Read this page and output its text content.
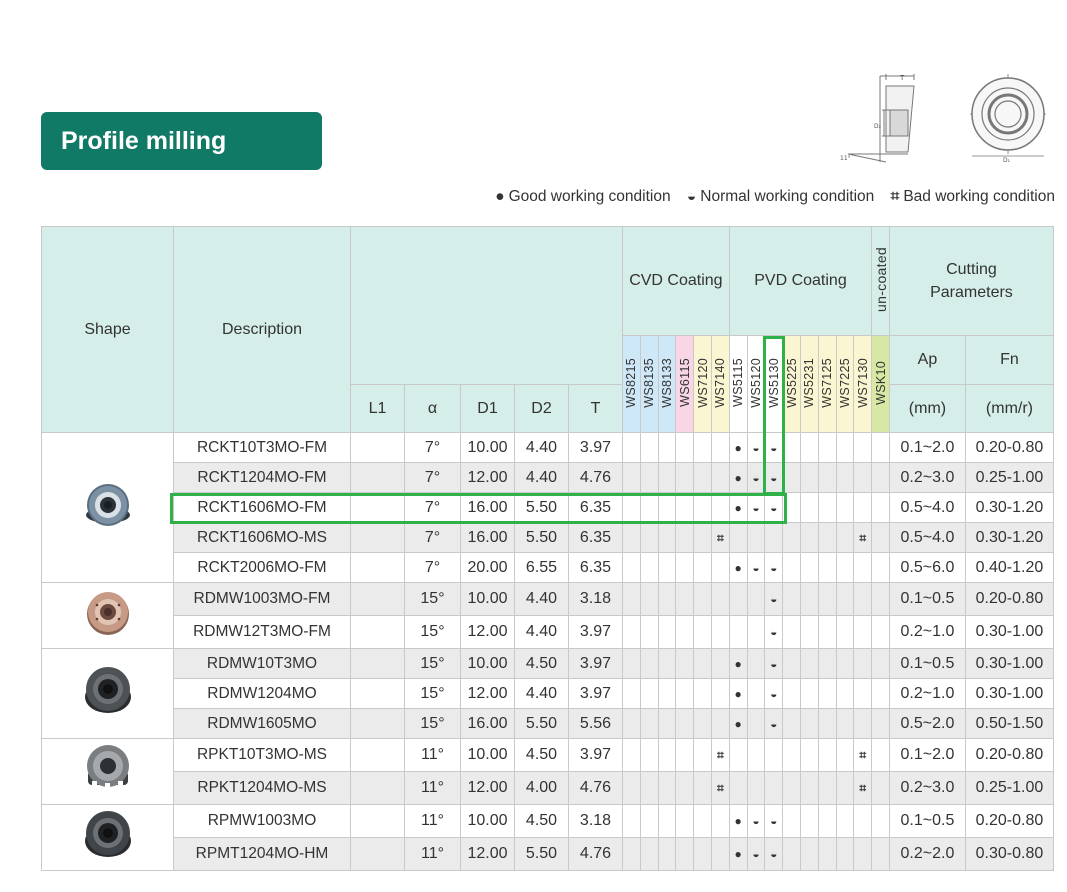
Profile milling
T
D₂
11°	D₁
● Good working condition
◒ Normal working condition
⌗ Bad working condition
Shape	Description						CVD Coating						PVD Coating								un-coated	Cutting Parameters	

							WS8215	WS8135	WS8133	WS6115	WS7120	WS7140	WS5115	WS5120	WS5130	WS5225	WS5231	WS7125	WS7225	WS7130	WSK10	Ap	Fn
		L1	α	D1	D2	T																(mm)	(mm/r)
	RCKT10T3MO-FM		7°	10.00	4.40	3.97							●	◒	◒							0.1~2.0	0.20-0.80
	RCKT1204MO-FM		7°	12.00	4.40	4.76							●	◒	◒							0.2~3.0	0.25-1.00
	RCKT1606MO-FM		7°	16.00	5.50	6.35							●	◒	◒							0.5~4.0	0.30-1.20
	RCKT1606MO-MS		7°	16.00	5.50	6.35						⌗								⌗		0.5~4.0	0.30-1.20
	RCKT2006MO-FM		7°	20.00	6.55	6.35							●	◒	◒							0.5~6.0	0.40-1.20
	RDMW1003MO-FM		15°	10.00	4.40	3.18									◒							0.1~0.5	0.20-0.80
	RDMW12T3MO-FM		15°	12.00	4.40	3.97									◒							0.2~1.0	0.30-1.00
	RDMW10T3MO		15°	10.00	4.50	3.97							●		◒							0.1~0.5	0.30-1.00
	RDMW1204MO		15°	12.00	4.40	3.97							●		◒							0.2~1.0	0.30-1.00
	RDMW1605MO		15°	16.00	5.50	5.56							●		◒							0.5~2.0	0.50-1.50
	RPKT10T3MO-MS		11°	10.00	4.50	3.97						⌗								⌗		0.1~2.0	0.20-0.80
	RPKT1204MO-MS		11°	12.00	4.00	4.76						⌗								⌗		0.2~3.0	0.25-1.00
	RPMW1003MO		11°	10.00	4.50	3.18							●	◒	◒							0.1~0.5	0.20-0.80
	RPMT1204MO-HM		11°	12.00	5.50	4.76							●	◒	◒							0.2~2.0	0.30-0.80
